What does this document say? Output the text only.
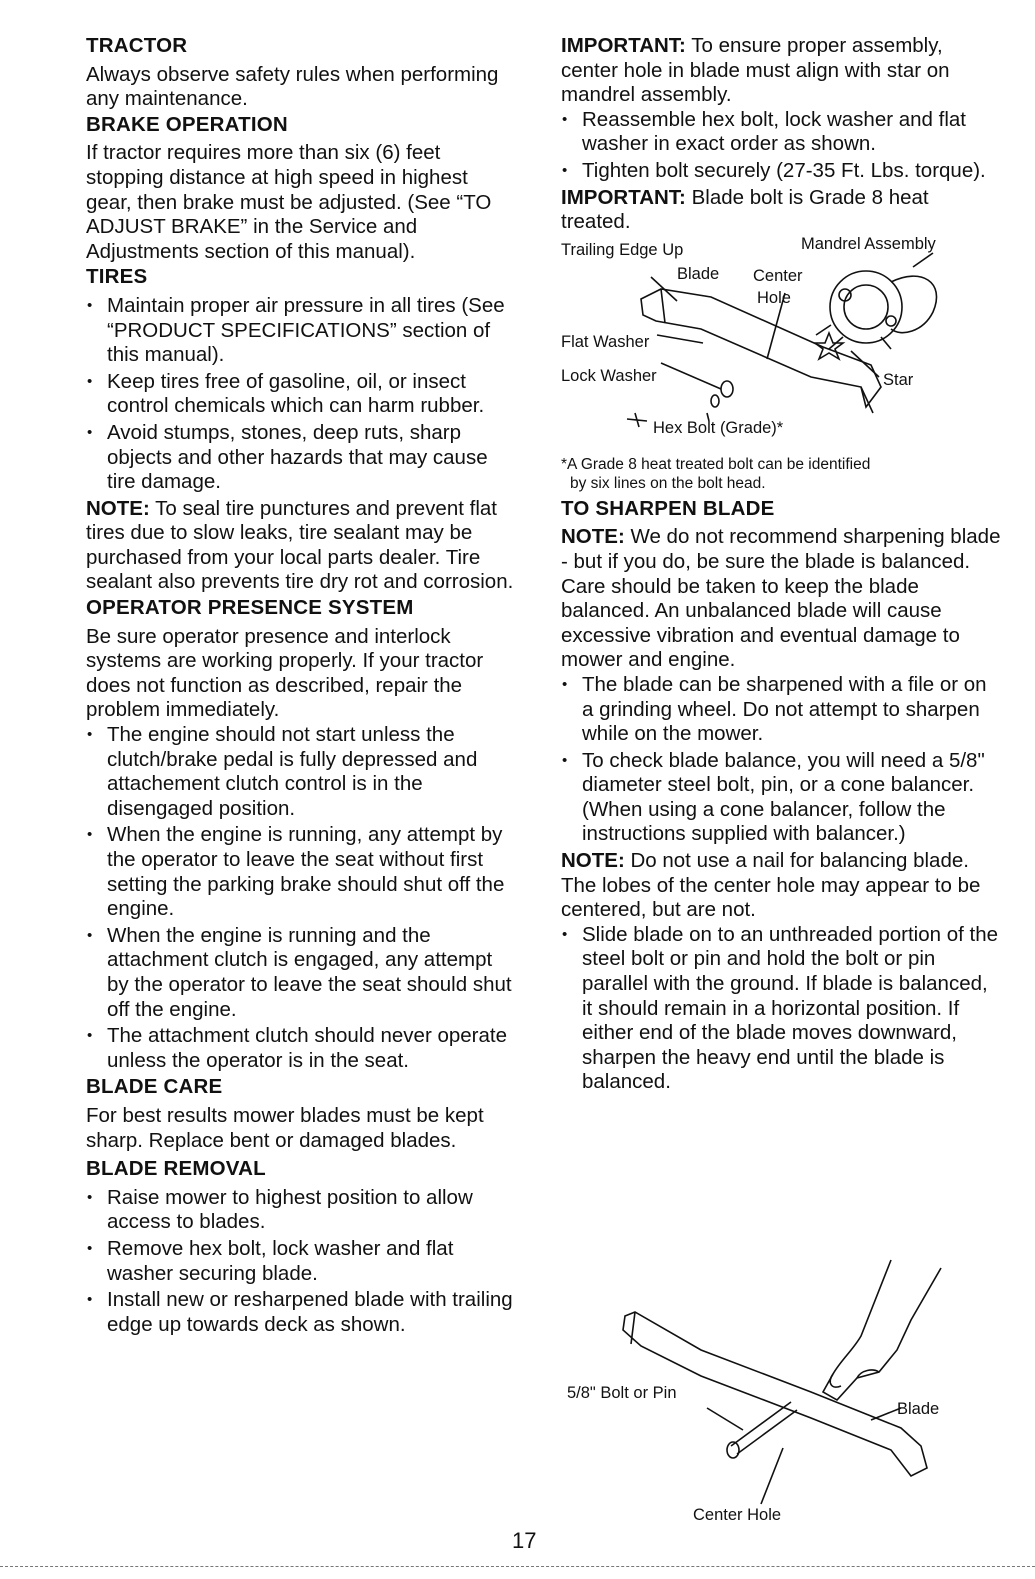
TRACTOR

Always observe safety rules when performing any maintenance.

BRAKE OPERATION

If tractor requires more than six (6) feet stopping distance at high speed in highest gear, then brake must be adjusted. (See “TO ADJUST BRAKE” in the Service and Adjustments section of this manual).

TIRES
• Maintain proper air pressure in all tires (See “PRODUCT SPECIFICATIONS” section of this manual).
• Keep tires free of gasoline, oil, or insect control chemicals which can harm rubber.
• Avoid stumps, stones, deep ruts, sharp objects and other hazards that may cause tire damage.

NOTE: To seal tire punctures and prevent flat tires due to slow leaks, tire sealant may be purchased from your local parts dealer. Tire sealant also prevents tire dry rot and corrosion.

OPERATOR PRESENCE SYSTEM

Be sure operator presence and interlock systems are working properly. If your tractor does not function as described, repair the problem immediately.

• The engine should not start unless the clutch/brake pedal is fully depressed and attachement clutch control is in the disengaged position.
• When the engine is running, any attempt by the operator to leave the seat without first setting the parking brake should shut off the engine.
• When the engine is running and the attachment clutch is engaged, any attempt by the operator to leave the seat should shut off the engine.
• The attachment clutch should never operate unless the operator is in the seat.
BLADE CARE

For best results mower blades must be kept sharp. Replace bent or damaged blades.

BLADE REMOVAL
• Raise mower to highest position to allow access to blades.
• Remove hex bolt, lock washer and flat washer securing blade.
• Install new or resharpened blade with trailing edge up towards deck as shown.

IMPORTANT: To ensure proper assembly, center hole in blade must align with star on mandrel assembly.

• Reassemble hex bolt, lock washer and flat washer in exact order as shown.
• Tighten bolt securely (27-35 Ft. Lbs. torque).

IMPORTANT: Blade bolt is Grade 8 heat treated.

Trailing Edge Up	Mandrel Assembly
Blade Center
Hole
Flat Washer
Lock Washer	Star
Hex Bolt (Grade)*
*A Grade 8 heat treated bolt can be identified
by six lines on the bolt head.
TO SHARPEN BLADE

NOTE: We do not recommend sharpening blade - but if you do, be sure the blade is balanced.

Care should be taken to keep the blade balanced. An unbalanced blade will cause excessive vibration and eventual damage to mower and engine.

• The blade can be sharpened with a file or on a grinding wheel. Do not attempt to sharpen while on the mower.
• To check blade balance, you will need a 5/8" diameter steel bolt, pin, or a cone balancer. (When using a cone balancer, follow the instructions supplied with balancer.)

NOTE: Do not use a nail for balancing blade. The lobes of the center hole may appear to be centered, but are not.

• Slide blade on to an unthreaded portion of the steel bolt or pin and hold the bolt or pin parallel with the ground. If blade is balanced, it should remain in a horizontal position. If either end of the blade moves downward, sharpen the heavy end until the blade is balanced.
5/8" Bolt or Pin
Blade
Center Hole
17
